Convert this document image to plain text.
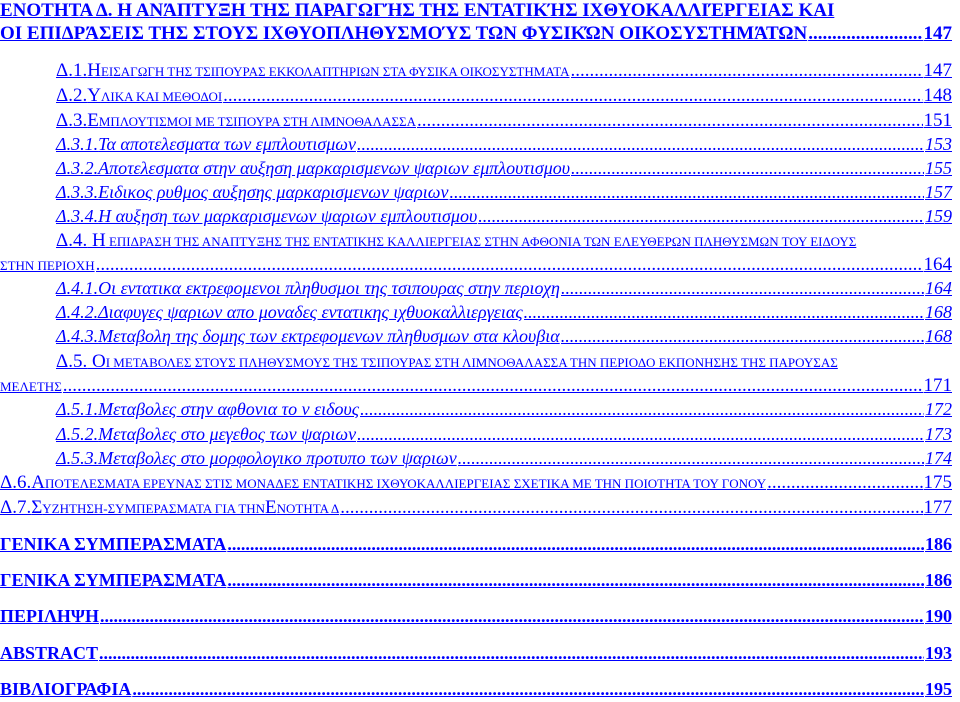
ΕΝΟΤΗΤΑ Δ. Η ΑΝΆΠΤΥΞΗ ΤΗΣ ΠΑΡΑΓΩΓΉΣ ΤΗΣ ΕΝΤΑΤΙΚΉΣ ΙΧΘΥΟΚΑΛΛΙΈΡΓΕΙΑΣ ΚΑΙ
ΟΙ ΕΠΙΔΡΆΣΕΙΣ ΤΗΣ ΣΤΟΥΣ ΙΧΘΥΟΠΛΗΘΥΣΜΟΎΣ ΤΩΝ ΦΥΣΙΚΏΝ ΟΙΚΟΣΥΣΤΗΜΆΤΩΝ .....	147
Δ.1. Η ΕΙΣΑΓΩΓΗ ΤΗΣ ΤΣΙΠΟΥΡΑΣ ΕΚΚΟΛΑΠΤΗΡΙΩΝ ΣΤΑ ΦΥΣΙΚΑ ΟΙΚΟΣΥΣΤΗΜΑΤΑ .....	147
Δ.2. Υ ΛΙΚΑ ΚΑΙ ΜΕΘΟΔΟΙ .....	148
Δ.3. Ε ΜΠΛΟΥΤΙΣΜΟΙ ΜΕ ΤΣΙΠΟΥΡΑ ΣΤΗ ΛΙΜΝΟΘΑΛΑΣΣΑ .....	151
Δ.3.1. Τα αποτελεσματα των εμπλουτισμων .....	153
Δ.3.2. Αποτελεσματα στην αυξηση μαρκαρισμενων ψαριων εμπλουτισμου .....	155
Δ.3.3. Ειδικος ρυθμος αυξησης μαρκαρισμενων ψαριων .....	157
Δ.3.4. Η αυξηση των μαρκαρισμενων ψαριων εμπλουτισμου .....	159
Δ.4. Η ΕΠΙΔΡΑΣΗ ΤΗΣ ΑΝΑΠΤΥΞΗΣ ΤΗΣ ΕΝΤΑΤΙΚΗΣ ΚΑΛΛΙΕΡΓΕΙΑΣ ΣΤΗΝ ΑΦΘΟΝΙΑ ΤΩΝ ΕΛΕΥΘΕΡΩΝ ΠΛΗΘΥΣΜΩΝ ΤΟΥ ΕΙΔΟΥΣ
ΣΤΗΝ ΠΕΡΙΟΧΗ .....	164
Δ.4.1. Οι εντατικα εκτρεφομενοι πληθυσμοι της τσιπουρας στην περιοχη .....	164
Δ.4.2. Διαφυγες ψαριων απο μοναδες εντατικης ιχθυοκαλλιεργειας .....	168
Δ.4.3. Μεταβολη της δομης των εκτρεφομενων πληθυσμων στα κλουβια .....	168
Δ.5. ΟΙ ΜΕΤΑΒΟΛΕΣ ΣΤΟΥΣ ΠΛΗΘΥΣΜΟΥΣ ΤΗΣ ΤΣΙΠΟΥΡΑΣ ΣΤΗ ΛΙΜΝΟΘΑΛΑΣΣΑ ΤΗΝ ΠΕΡΙΟΔΟ ΕΚΠΟΝΗΣΗΣ ΤΗΣ ΠΑΡΟΥΣΑΣ
ΜΕΛΕΤΗΣ .....	171
Δ.5.1. Μεταβολες στην αφθονια το ν ειδους .....	172
Δ.5.2. Μεταβολες στο μεγεθος των ψαριων .....	173
Δ.5.3. Μεταβολες στο μορφολογικο προτυπο των ψαριων .....	174
Δ.6. Α ΠΟΤΕΛΕΣΜΑΤΑ ΕΡΕΥΝΑΣ ΣΤΙΣ ΜΟΝΑΔΕΣ ΕΝΤΑΤΙΚΗΣ ΙΧΘΥΟΚΑΛΛΙΕΡΓΕΙΑΣ ΣΧΕΤΙΚΑ ΜΕ ΤΗΝ ΠΟΙΟΤΗΤΑ ΤΟΥ ΓΟΝΟΥ .....	175
Δ.7. Σ ΥΖΗΤΗΣΗ-ΣΥΜΠΕΡΑΣΜΑΤΑ ΓΙΑ ΤΗΝ Ε ΝΟΤΗΤΑ Δ .....	177
ΓΕΝΙΚΑ ΣΥΜΠΕΡΑΣΜΑΤΑ .....	186
ΓΕΝΙΚΑ ΣΥΜΠΕΡΑΣΜΑΤΑ .....	186
ΠΕΡΙΛΗΨΗ .....	190
ABSTRACT .....	193
ΒΙΒΛΙΟΓΡΑΦΙΑ .....	195
